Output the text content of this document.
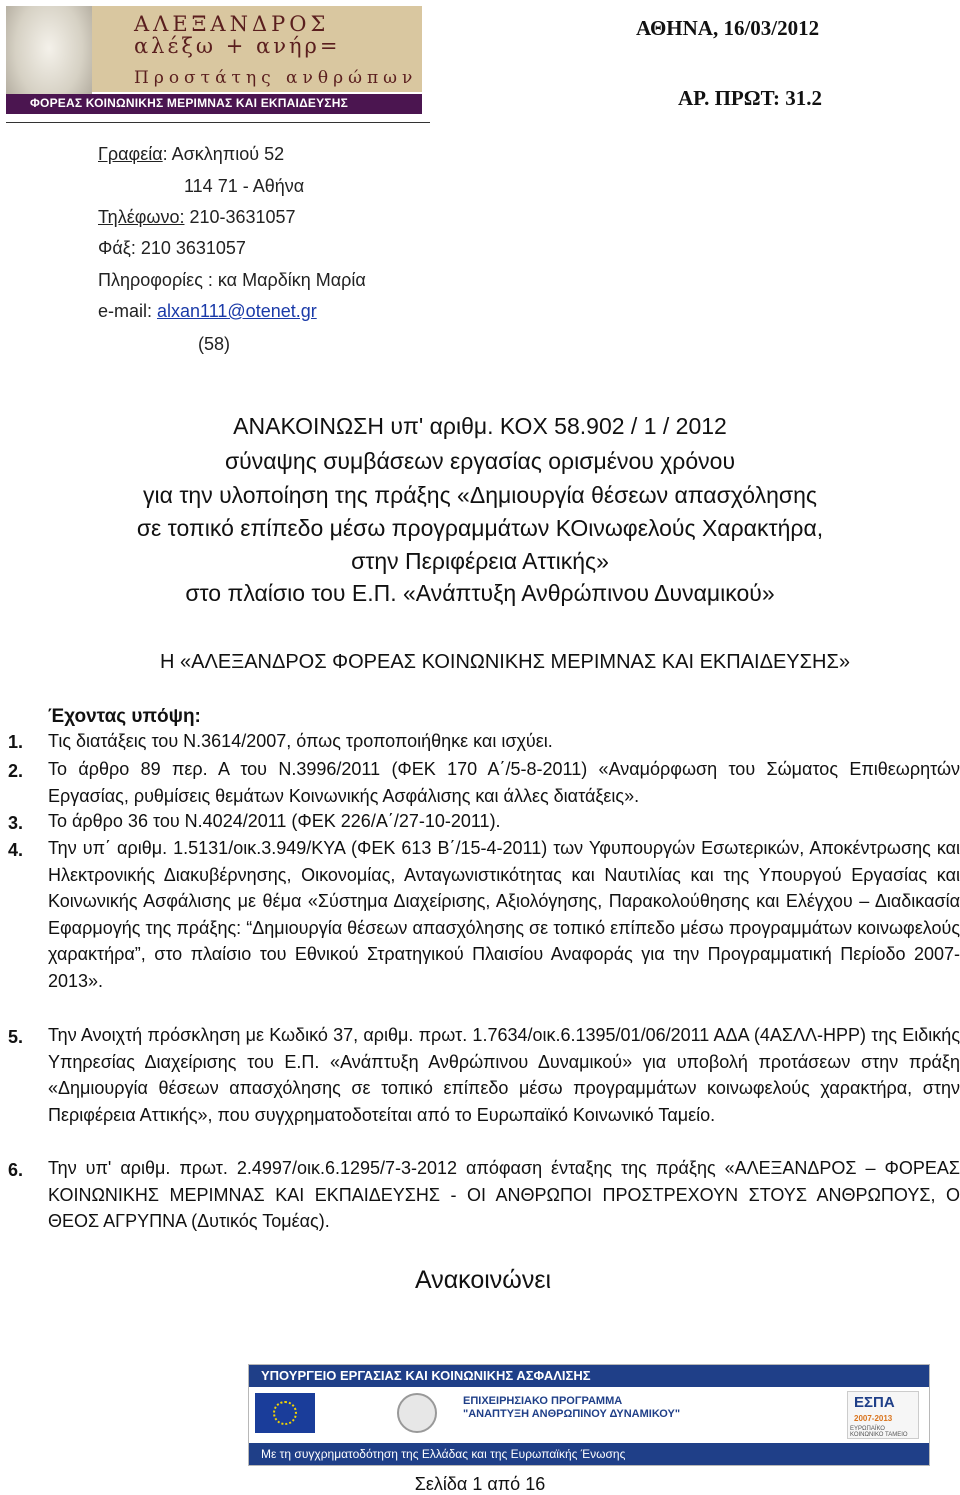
ΑΛΕΞΑΝΔΡΟΣ
αλέξω + ανήρ=
Προστάτης ανθρώπων
ΦΟΡΕΑΣ ΚΟΙΝΩΝΙΚΗΣ ΜΕΡΙΜΝΑΣ ΚΑΙ ΕΚΠΑΙΔΕΥΣΗΣ
ΑΘΗΝΑ, 16/03/2012
ΑΡ. ΠΡΩΤ: 31.2
Γραφεία: Ασκληπιού 52
114 71 - Αθήνα
Τηλέφωνο: 210-3631057
Φάξ: 210 3631057
Πληροφορίες : κα Μαρδίκη Μαρία
e-mail: alxan111@otenet.gr
(58)
ΑΝΑΚΟΙΝΩΣΗ υπ' αριθμ. ΚΟΧ 58.902 / 1 / 2012
σύναψης συμβάσεων εργασίας ορισμένου χρόνου
για την υλοποίηση της πράξης «Δημιουργία θέσεων απασχόλησης
σε τοπικό επίπεδο μέσω προγραμμάτων ΚΟινωφελούς Χαρακτήρα,
στην Περιφέρεια Αττικής»
στο πλαίσιο του Ε.Π. «Ανάπτυξη Ανθρώπινου Δυναμικού»
Η «ΑΛΕΞΑΝΔΡΟΣ ΦΟΡΕΑΣ ΚΟΙΝΩΝΙΚΗΣ ΜΕΡΙΜΝΑΣ ΚΑΙ ΕΚΠΑΙΔΕΥΣΗΣ»
Έχοντας υπόψη:
1. Τις διατάξεις του Ν.3614/2007, όπως τροποποιήθηκε και ισχύει.

2. Το άρθρο 89 περ. Α του Ν.3996/2011 (ΦΕΚ 170 Α΄/5-8-2011) «Αναμόρφωση του Σώματος Επιθεωρητών Εργασίας, ρυθμίσεις θεμάτων Κοινωνικής Ασφάλισης και άλλες διατάξεις».

3. Το άρθρο 36 του Ν.4024/2011 (ΦΕΚ 226/Α΄/27-10-2011).

4. Την υπ΄ αριθμ. 1.5131/οικ.3.949/ΚΥΑ (ΦΕΚ 613 Β΄/15-4-2011) των Υφυπουργών Εσωτερικών, Αποκέντρωσης και Ηλεκτρονικής Διακυβέρνησης, Οικονομίας, Ανταγωνιστικότητας και Ναυτιλίας και της Υπουργού Εργασίας και Κοινωνικής Ασφάλισης με θέμα «Σύστημα Διαχείρισης, Αξιολόγησης, Παρακολούθησης και Ελέγχου – Διαδικασία Εφαρμογής της πράξης: “Δημιουργία θέσεων απασχόλησης σε τοπικό επίπεδο μέσω προγραμμάτων κοινωφελούς χαρακτήρα”, στο πλαίσιο του Εθνικού Στρατηγικού Πλαισίου Αναφοράς για την Προγραμματική Περίοδο 2007-2013».

5. Την Ανοιχτή πρόσκληση με Κωδικό 37, αριθμ. πρωτ. 1.7634/οικ.6.1395/01/06/2011 ΑΔΑ (4ΑΣΛΛ-ΗΡΡ) της Ειδικής Υπηρεσίας Διαχείρισης του Ε.Π. «Ανάπτυξη Ανθρώπινου Δυναμικού» για υποβολή προτάσεων στην πράξη «Δημιουργία θέσεων απασχόλησης σε τοπικό επίπεδο μέσω προγραμμάτων κοινωφελούς χαρακτήρα, στην Περιφέρεια Αττικής», που συγχρηματοδοτείται από το Ευρωπαϊκό Κοινωνικό Ταμείο.

6. Την υπ' αριθμ. πρωτ. 2.4997/οικ.6.1295/7-3-2012 απόφαση ένταξης της πράξης «ΑΛΕΞΑΝΔΡΟΣ – ΦΟΡΕΑΣ ΚΟΙΝΩΝΙΚΗΣ ΜΕΡΙΜΝΑΣ ΚΑΙ ΕΚΠΑΙΔΕΥΣΗΣ - ΟΙ ΑΝΘΡΩΠΟΙ ΠΡΟΣΤΡΕΧΟΥΝ ΣΤΟΥΣ ΑΝΘΡΩΠΟΥΣ, Ο ΘΕΟΣ ΑΓΡΥΠΝΑ (Δυτικός Τομέας).

Ανακοινώνει
ΥΠΟΥΡΓΕΙΟ ΕΡΓΑΣΙΑΣ ΚΑΙ ΚΟΙΝΩΝΙΚΗΣ ΑΣΦΑΛΙΣΗΣ
ΕΠΙΧΕΙΡΗΣΙΑΚΟ ΠΡΟΓΡΑΜΜΑ
"ΑΝΑΠΤΥΞΗ ΑΝΘΡΩΠΙΝΟΥ ΔΥΝΑΜΙΚΟΥ"
ΕΣΠΑ
2007-2013
ΕΥΡΩΠΑΪΚΟ ΚΟΙΝΩΝΙΚΟ ΤΑΜΕΙΟ
Με τη συγχρηματοδότηση της Ελλάδας και της Ευρωπαϊκής Ένωσης
Σελίδα 1 από 16
